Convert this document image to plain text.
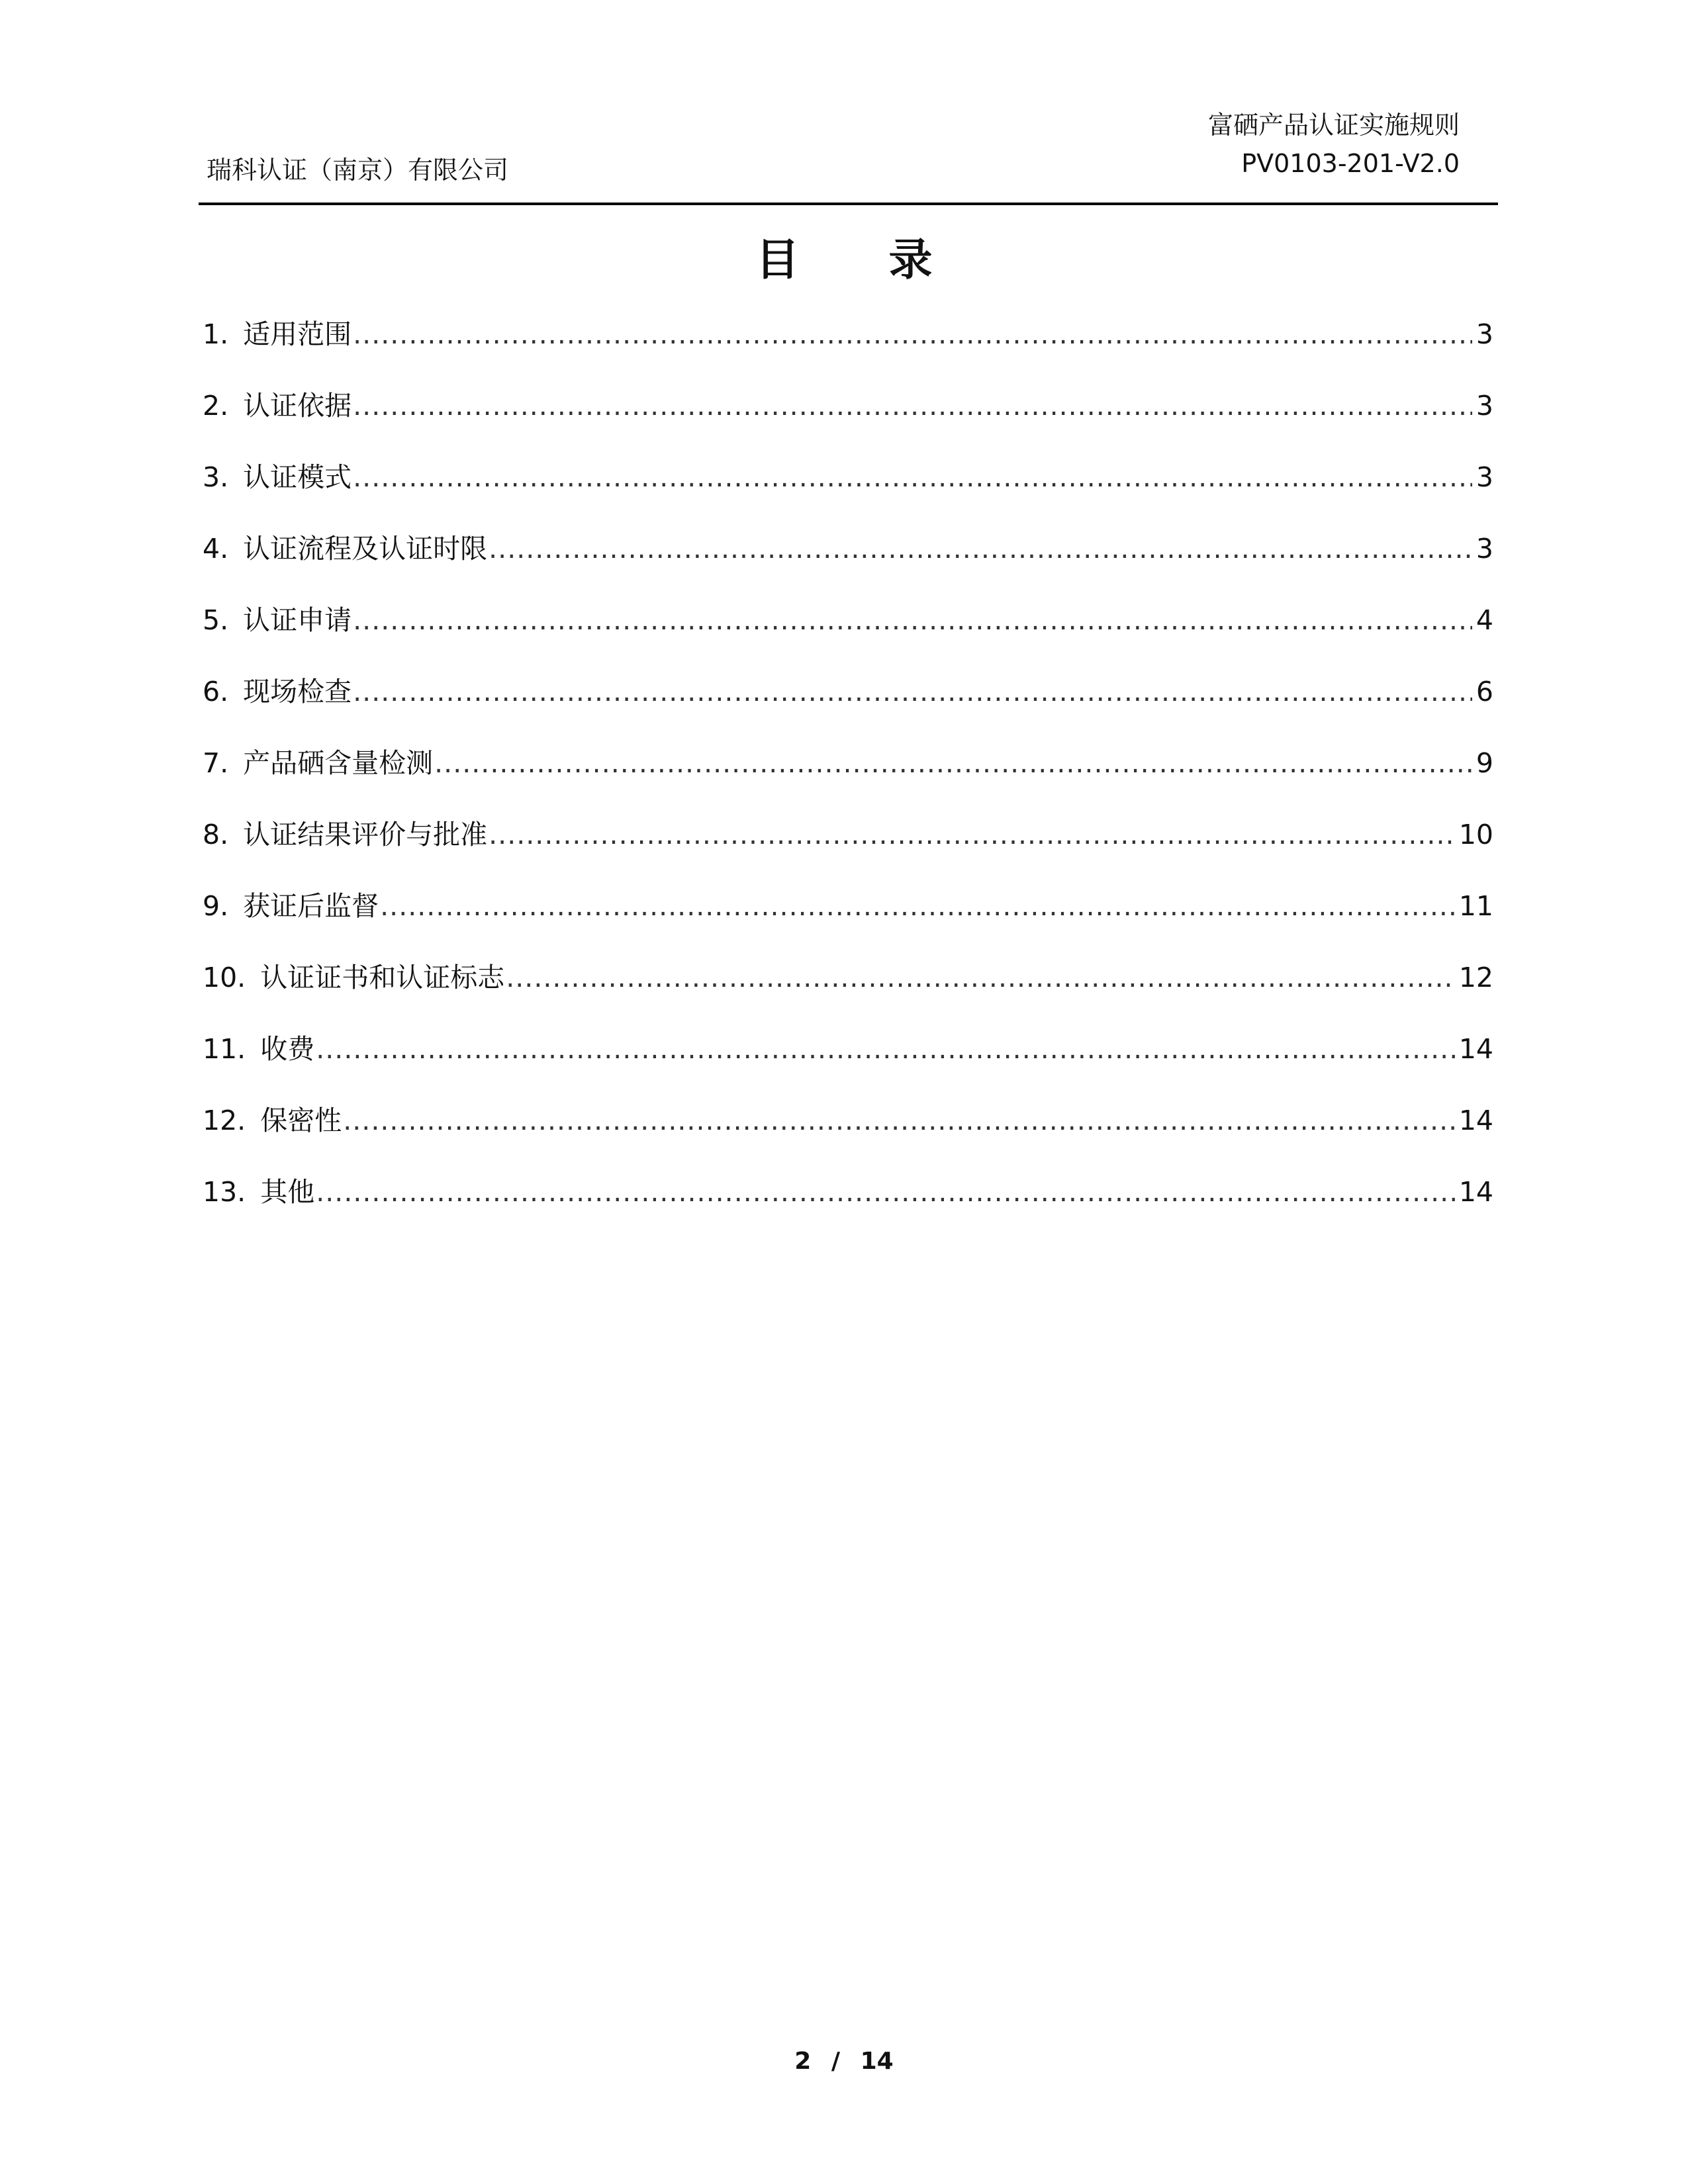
富硒产品认证实施规则
PV0103-201-V2.0
瑞科认证（南京）有限公司
目 录
1. 适用范围 .....	3
2. 认证依据 .....	3
3. 认证模式 .....	3
4. 认证流程及认证时限 .....	3
5. 认证申请 .....	4
6. 现场检查 .....	6
7. 产品硒含量检测 .....	9
8. 认证结果评价与批准 .....	10
9. 获证后监督 .....	11
10. 认证证书和认证标志 .....	12
11. 收费 .....	14
12. 保密性 .....	14
13. 其他 .....	14
2 / 14
